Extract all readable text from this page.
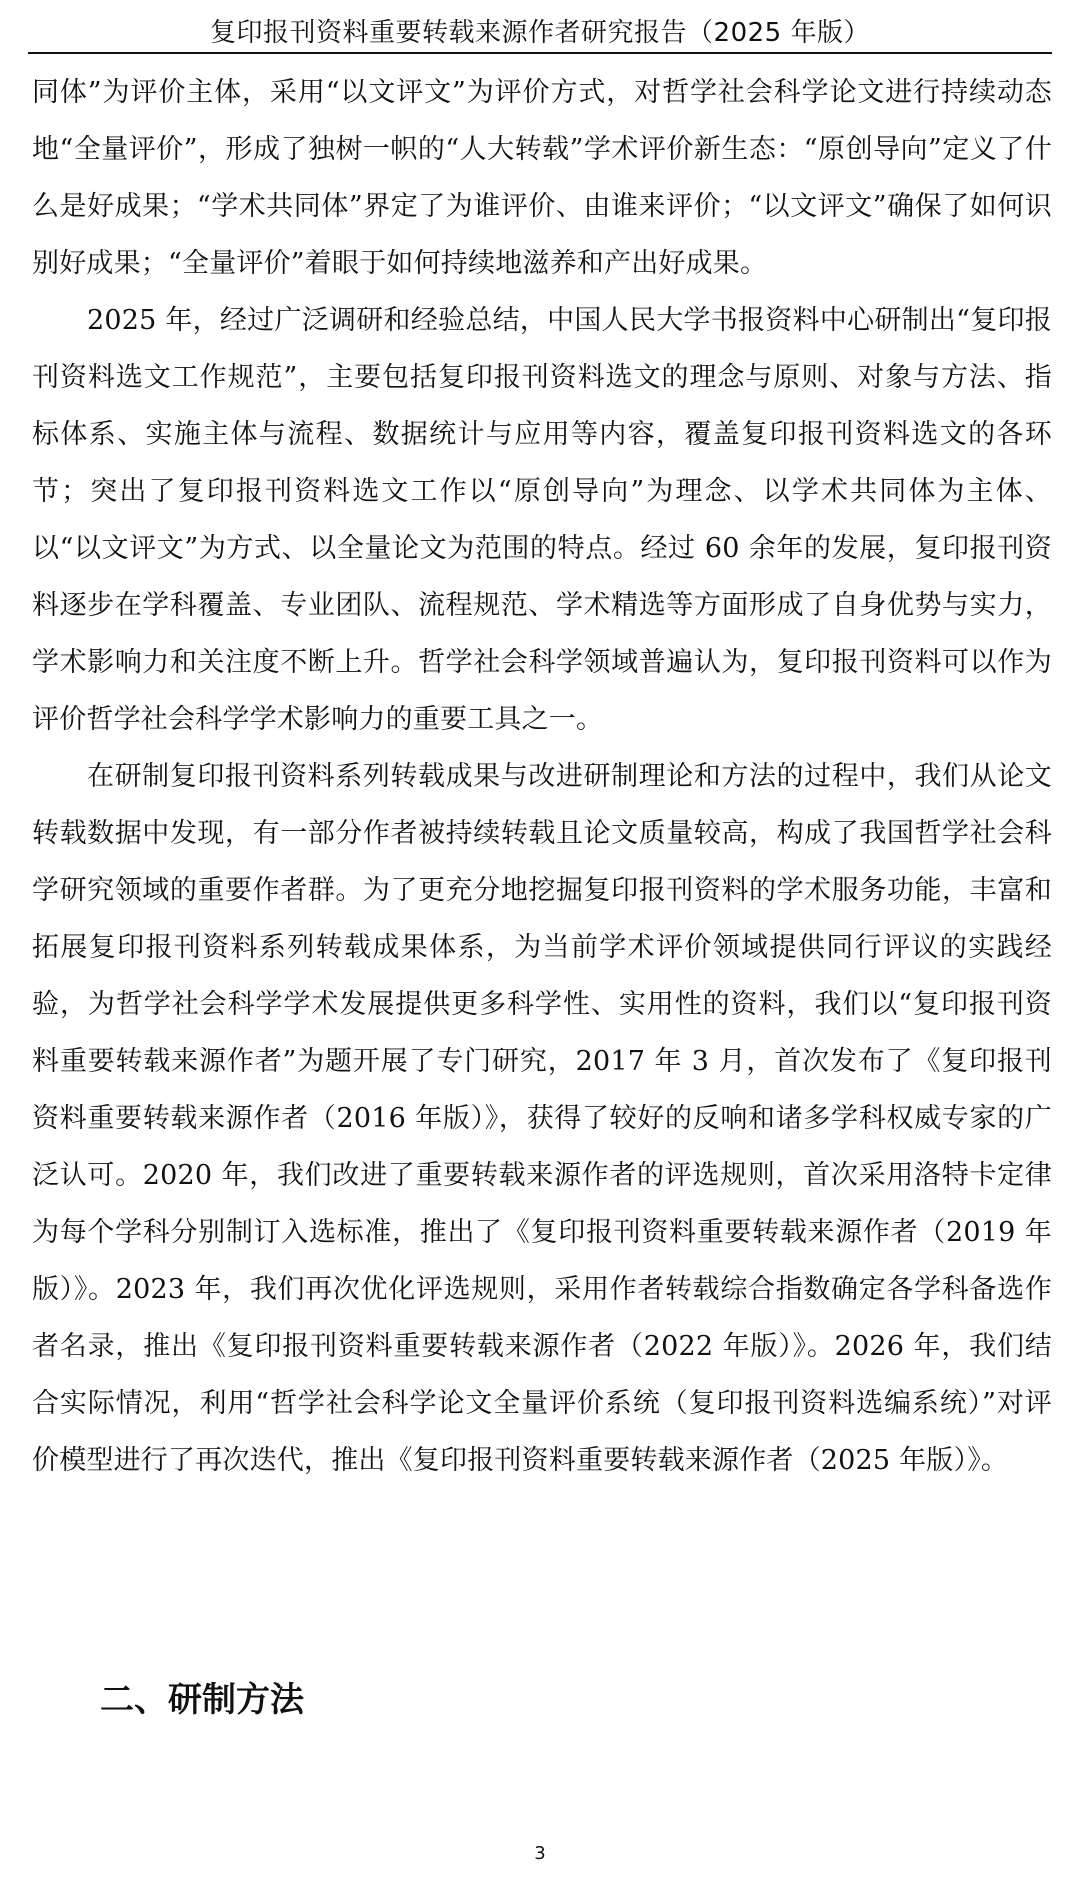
复印报刊资料重要转载来源作者研究报告（2025 年版）

同体”为评价主体，采用“以文评文”为评价方式，对哲学社会科学论文进行持续动态地“全量评价”，形成了独树一帜的“人大转载”学术评价新生态：“原创导向”定义了什么是好成果；“学术共同体”界定了为谁评价、由谁来评价；“以文评文”确保了如何识别好成果；“全量评价”着眼于如何持续地滋养和产出好成果。

2025 年，经过广泛调研和经验总结，中国人民大学书报资料中心研制出“复印报刊资料选文工作规范”，主要包括复印报刊资料选文的理念与原则、对象与方法、指标体系、实施主体与流程、数据统计与应用等内容，覆盖复印报刊资料选文的各环节；突出了复印报刊资料选文工作以“原创导向”为理念、以学术共同体为主体、以“以文评文”为方式、以全量论文为范围的特点。经过 60 余年的发展，复印报刊资料逐步在学科覆盖、专业团队、流程规范、学术精选等方面形成了自身优势与实力，学术影响力和关注度不断上升。哲学社会科学领域普遍认为，复印报刊资料可以作为评价哲学社会科学学术影响力的重要工具之一。

在研制复印报刊资料系列转载成果与改进研制理论和方法的过程中，我们从论文转载数据中发现，有一部分作者被持续转载且论文质量较高，构成了我国哲学社会科学研究领域的重要作者群。为了更充分地挖掘复印报刊资料的学术服务功能，丰富和拓展复印报刊资料系列转载成果体系，为当前学术评价领域提供同行评议的实践经验，为哲学社会科学学术发展提供更多科学性、实用性的资料，我们以“复印报刊资料重要转载来源作者”为题开展了专门研究，2017 年 3 月，首次发布了《复印报刊资料重要转载来源作者（2016 年版）》，获得了较好的反响和诸多学科权威专家的广泛认可。2020 年，我们改进了重要转载来源作者的评选规则，首次采用洛特卡定律为每个学科分别制订入选标准，推出了《复印报刊资料重要转载来源作者（2019 年版）》。2023 年，我们再次优化评选规则，采用作者转载综合指数确定各学科备选作者名录，推出《复印报刊资料重要转载来源作者（2022 年版）》。2026 年，我们结合实际情况，利用“哲学社会科学论文全量评价系统（复印报刊资料选编系统）”对评价模型进行了再次迭代，推出《复印报刊资料重要转载来源作者（2025 年版）》。

二、研制方法
3
